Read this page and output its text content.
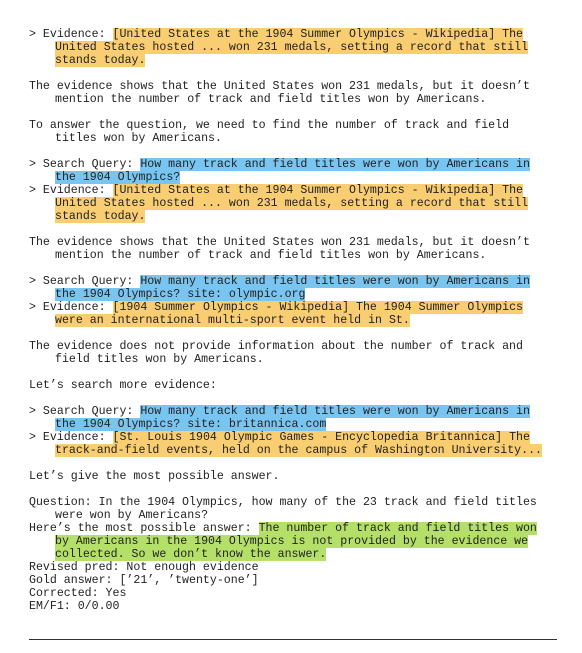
> Evidence: [United States at the 1904 Summer Olympics - Wikipedia] The United States hosted ... won 231 medals, setting a record that still stands today.

The evidence shows that the United States won 231 medals, but it doesn’t mention the number of track and field titles won by Americans.

To answer the question, we need to find the number of track and field titles won by Americans.

> Search Query: How many track and field titles were won by Americans in the 1904 Olympics?

> Evidence: [United States at the 1904 Summer Olympics - Wikipedia] The United States hosted ... won 231 medals, setting a record that still stands today.

The evidence shows that the United States won 231 medals, but it doesn’t mention the number of track and field titles won by Americans.

> Search Query: How many track and field titles were won by Americans in the 1904 Olympics? site: olympic.org

> Evidence: [1904 Summer Olympics - Wikipedia] The 1904 Summer Olympics were an international multi-sport event held in St.

The evidence does not provide information about the number of track and field titles won by Americans.

Let’s search more evidence:

> Search Query: How many track and field titles were won by Americans in the 1904 Olympics? site: britannica.com

> Evidence: [St. Louis 1904 Olympic Games - Encyclopedia Britannica] The track-and-field events, held on the campus of Washington University...

Let’s give the most possible answer.

Question: In the 1904 Olympics, how many of the 23 track and field titles were won by Americans?

Here’s the most possible answer: The number of track and field titles won by Americans in the 1904 Olympics is not provided by the evidence we collected. So we don’t know the answer.

Revised pred: Not enough evidence

Gold answer: [’21’, ’twenty-one’]

Corrected: Yes

EM/F1: 0/0.00
